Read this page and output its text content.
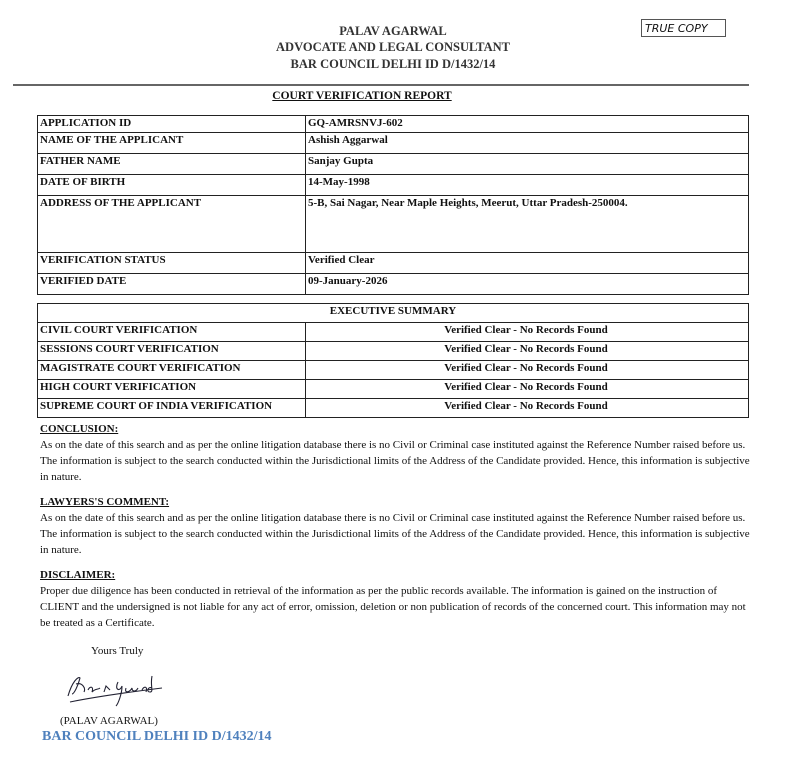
PALAV AGARWAL
ADVOCATE AND LEGAL CONSULTANT
BAR COUNCIL DELHI ID D/1432/14
TRUE COPY
COURT VERIFICATION REPORT
APPLICATION ID	GQ-AMRSNVJ-602
NAME OF THE APPLICANT	Ashish Aggarwal
FATHER NAME	Sanjay Gupta
DATE OF BIRTH	14-May-1998
ADDRESS OF THE APPLICANT	5-B, Sai Nagar, Near Maple Heights, Meerut, Uttar Pradesh-250004.
VERIFICATION STATUS	Verified Clear
VERIFIED DATE	09-January-2026
EXECUTIVE SUMMARY	
CIVIL COURT VERIFICATION	Verified Clear - No Records Found
SESSIONS COURT VERIFICATION	Verified Clear - No Records Found
MAGISTRATE COURT VERIFICATION	Verified Clear - No Records Found
HIGH COURT VERIFICATION	Verified Clear - No Records Found
SUPREME COURT OF INDIA VERIFICATION	Verified Clear - No Records Found
CONCLUSION:

As on the date of this search and as per the online litigation database there is no Civil or Criminal case instituted against the Reference Number raised before us. The information is subject to the search conducted within the Jurisdictional limits of the Address of the Candidate provided. Hence, this information is subjective in nature.

LAWYERS'S COMMENT:

As on the date of this search and as per the online litigation database there is no Civil or Criminal case instituted against the Reference Number raised before us. The information is subject to the search conducted within the Jurisdictional limits of the Address of the Candidate provided. Hence, this information is subjective in nature.

DISCLAIMER:

Proper due diligence has been conducted in retrieval of the information as per the public records available. The information is gained on the instruction of CLIENT and the undersigned is not liable for any act of error, omission, deletion or non publication of records of the concerned court. This information may not be treated as a Certificate.

Yours Truly
(PALAV AGARWAL)
BAR COUNCIL DELHI ID D/1432/14
